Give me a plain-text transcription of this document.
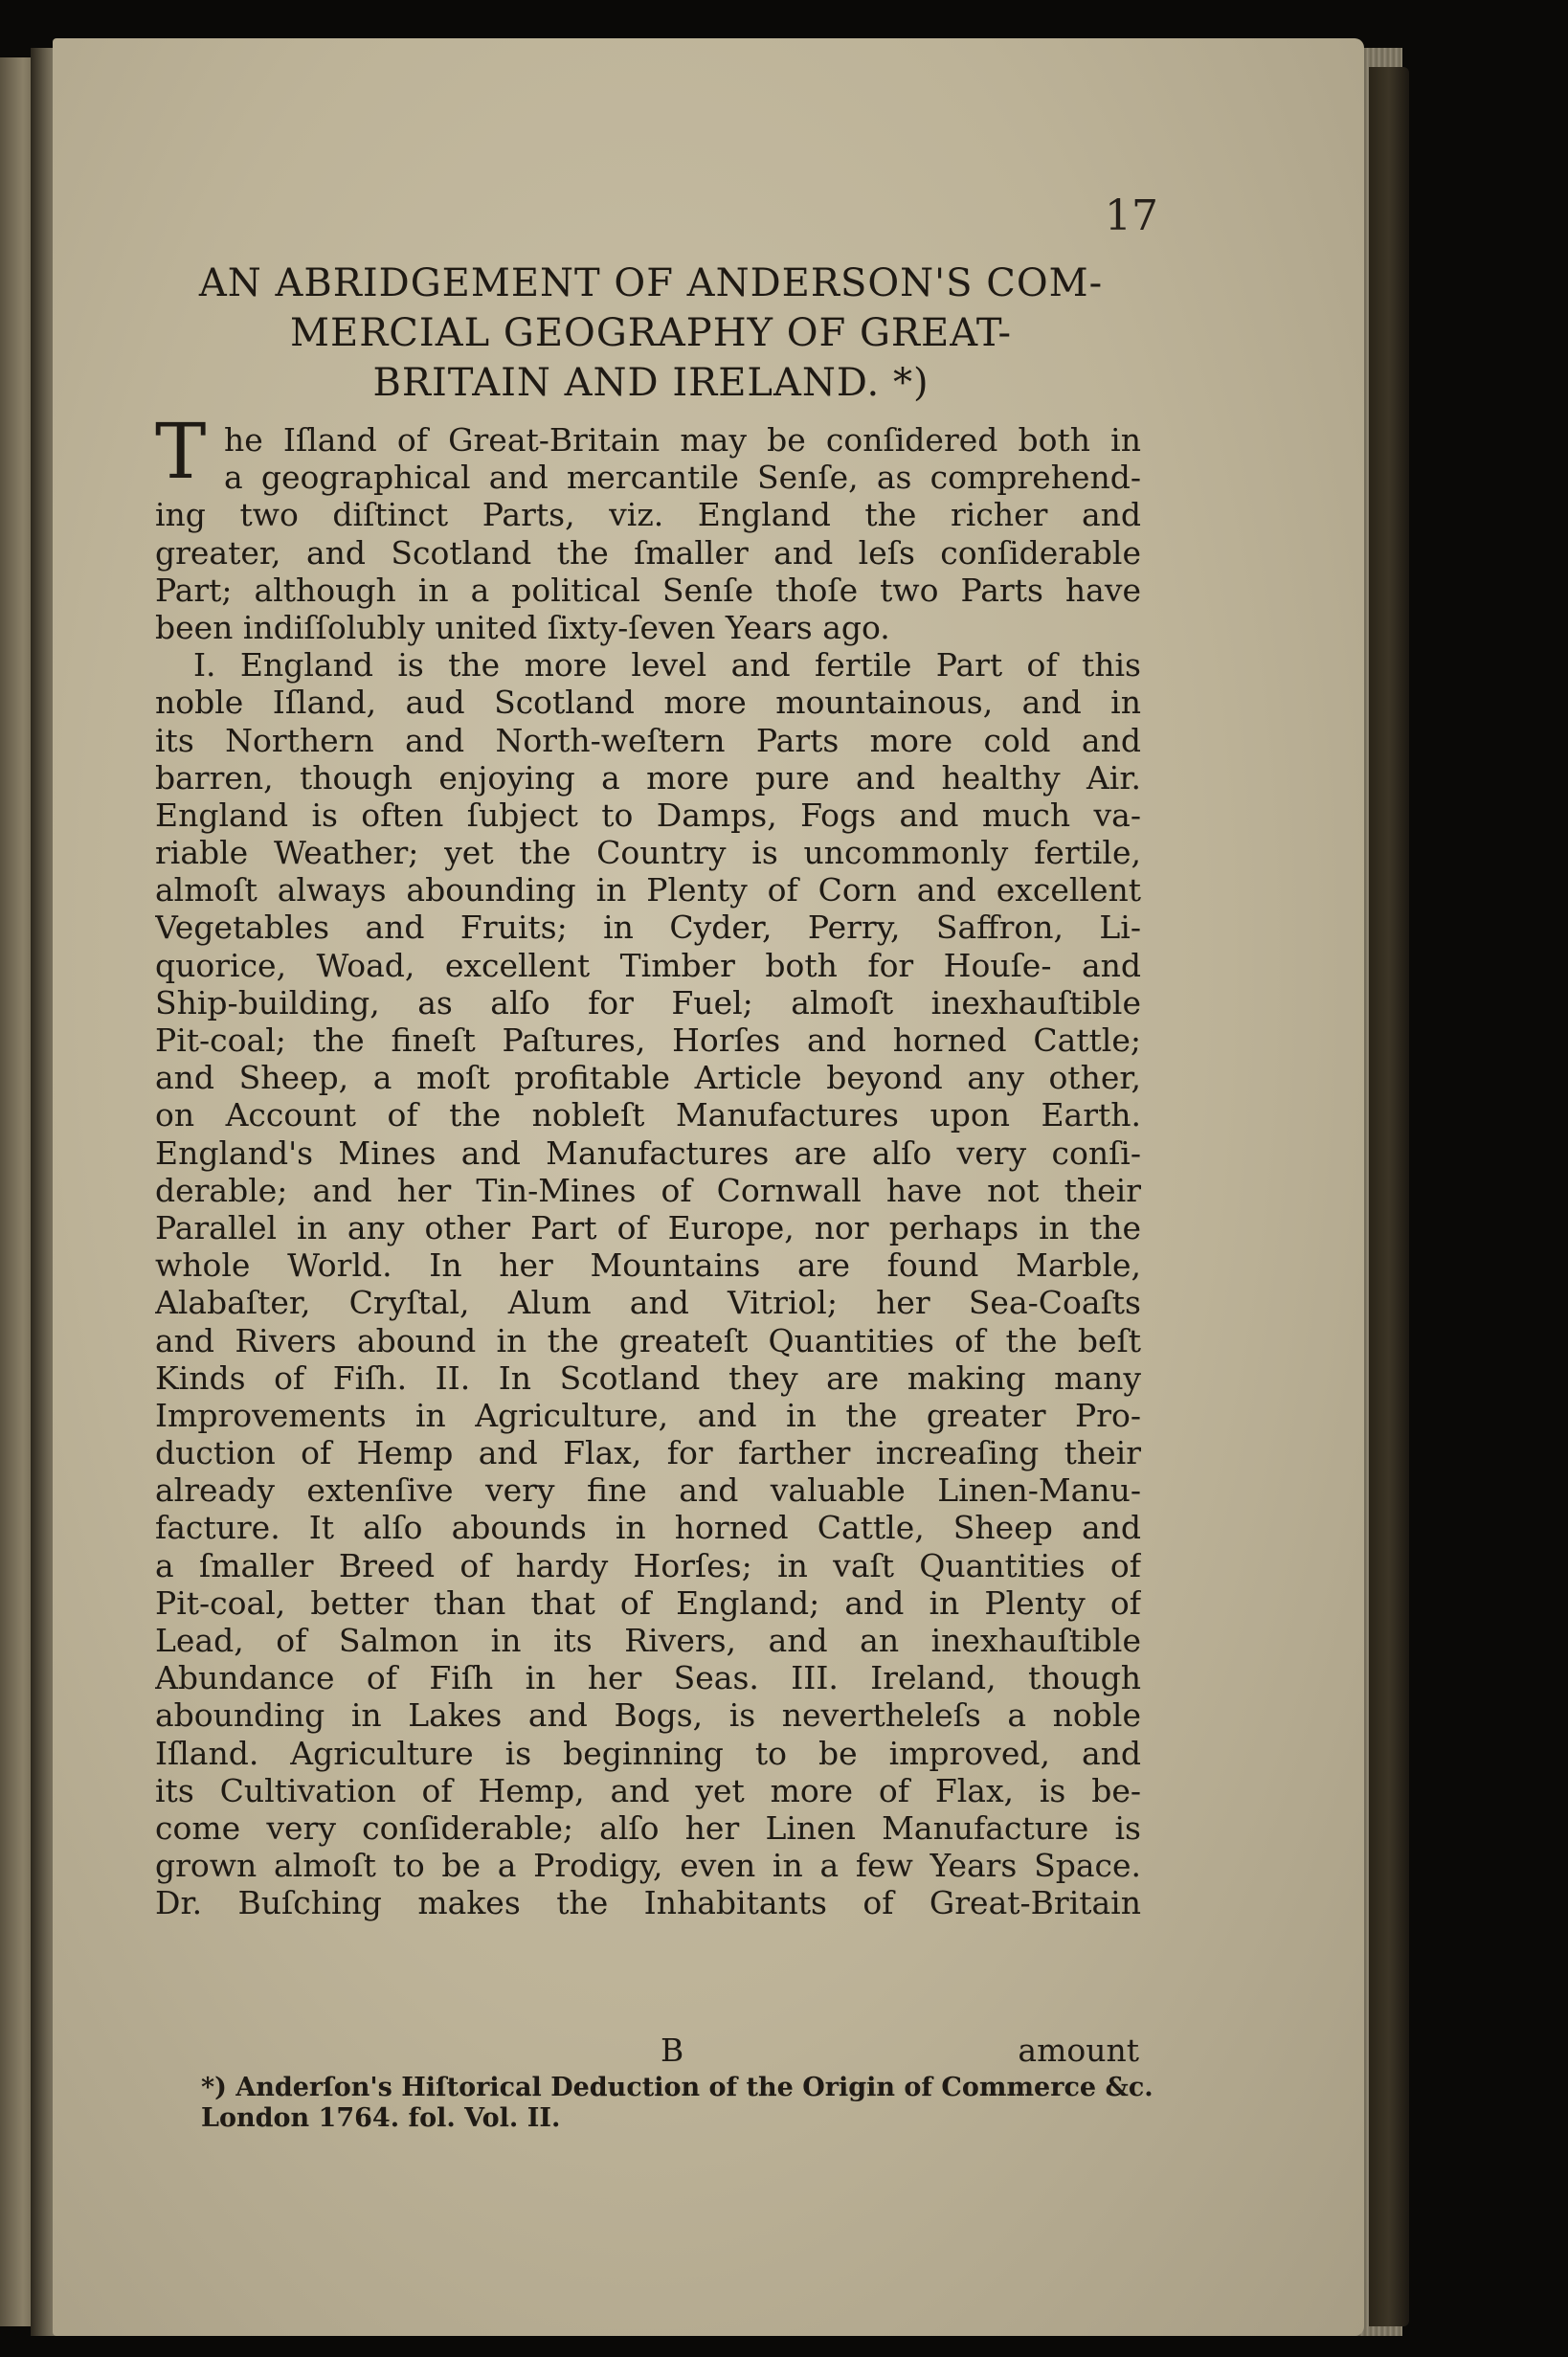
17
AN ABRIDGEMENT OF ANDERSON'S COM-
MERCIAL GEOGRAPHY OF GREAT-
BRITAIN AND IRELAND. *)
T he Iſland of Great-Britain may be conſidered both in
a geographical and mercantile Senſe, as comprehend-
ing two diſtinct Parts, viz. England the richer and
greater, and Scotland the ſmaller and leſs conſiderable
Part; although in a political Senſe thoſe two Parts have
been indiſſolubly united ſixty-ſeven Years ago.
I. England is the more level and fertile Part of this
noble Iſland, aud Scotland more mountainous, and in
its Northern and North-weſtern Parts more cold and
barren, though enjoying a more pure and healthy Air.
England is often ſubject to Damps, Fogs and much va-
riable Weather; yet the Country is uncommonly fertile,
almoſt always abounding in Plenty of Corn and excellent
Vegetables and Fruits; in Cyder, Perry, Saffron, Li-
quorice, Woad, excellent Timber both for Houſe- and
Ship-building, as alſo for Fuel; almoſt inexhauſtible
Pit-coal; the fineſt Paſtures, Horſes and horned Cattle;
and Sheep, a moſt profitable Article beyond any other,
on Account of the nobleſt Manufactures upon Earth.
England's Mines and Manufactures are alſo very conſi-
derable; and her Tin-Mines of Cornwall have not their
Parallel in any other Part of Europe, nor perhaps in the
whole World. In her Mountains are found Marble,
Alabaſter, Cryſtal, Alum and Vitriol; her Sea-Coaſts
and Rivers abound in the greateſt Quantities of the beſt
Kinds of Fiſh. II. In Scotland they are making many
Improvements in Agriculture, and in the greater Pro-
duction of Hemp and Flax, for farther increaſing their
already extenſive very fine and valuable Linen-Manu-
facture. It alſo abounds in horned Cattle, Sheep and
a ſmaller Breed of hardy Horſes; in vaſt Quantities of
Pit-coal, better than that of England; and in Plenty of
Lead, of Salmon in its Rivers, and an inexhauſtible
Abundance of Fiſh in her Seas. III. Ireland, though
abounding in Lakes and Bogs, is nevertheleſs a noble
Iſland. Agriculture is beginning to be improved, and
its Cultivation of Hemp, and yet more of Flax, is be-
come very conſiderable; alſo her Linen Manufacture is
grown almoſt to be a Prodigy, even in a few Years Space.
Dr. Buſching makes the Inhabitants of Great-Britain
B	amount
*) Anderſon's Hiſtorical Deduction of the Origin of Commerce &c.
London 1764. fol. Vol. II.
